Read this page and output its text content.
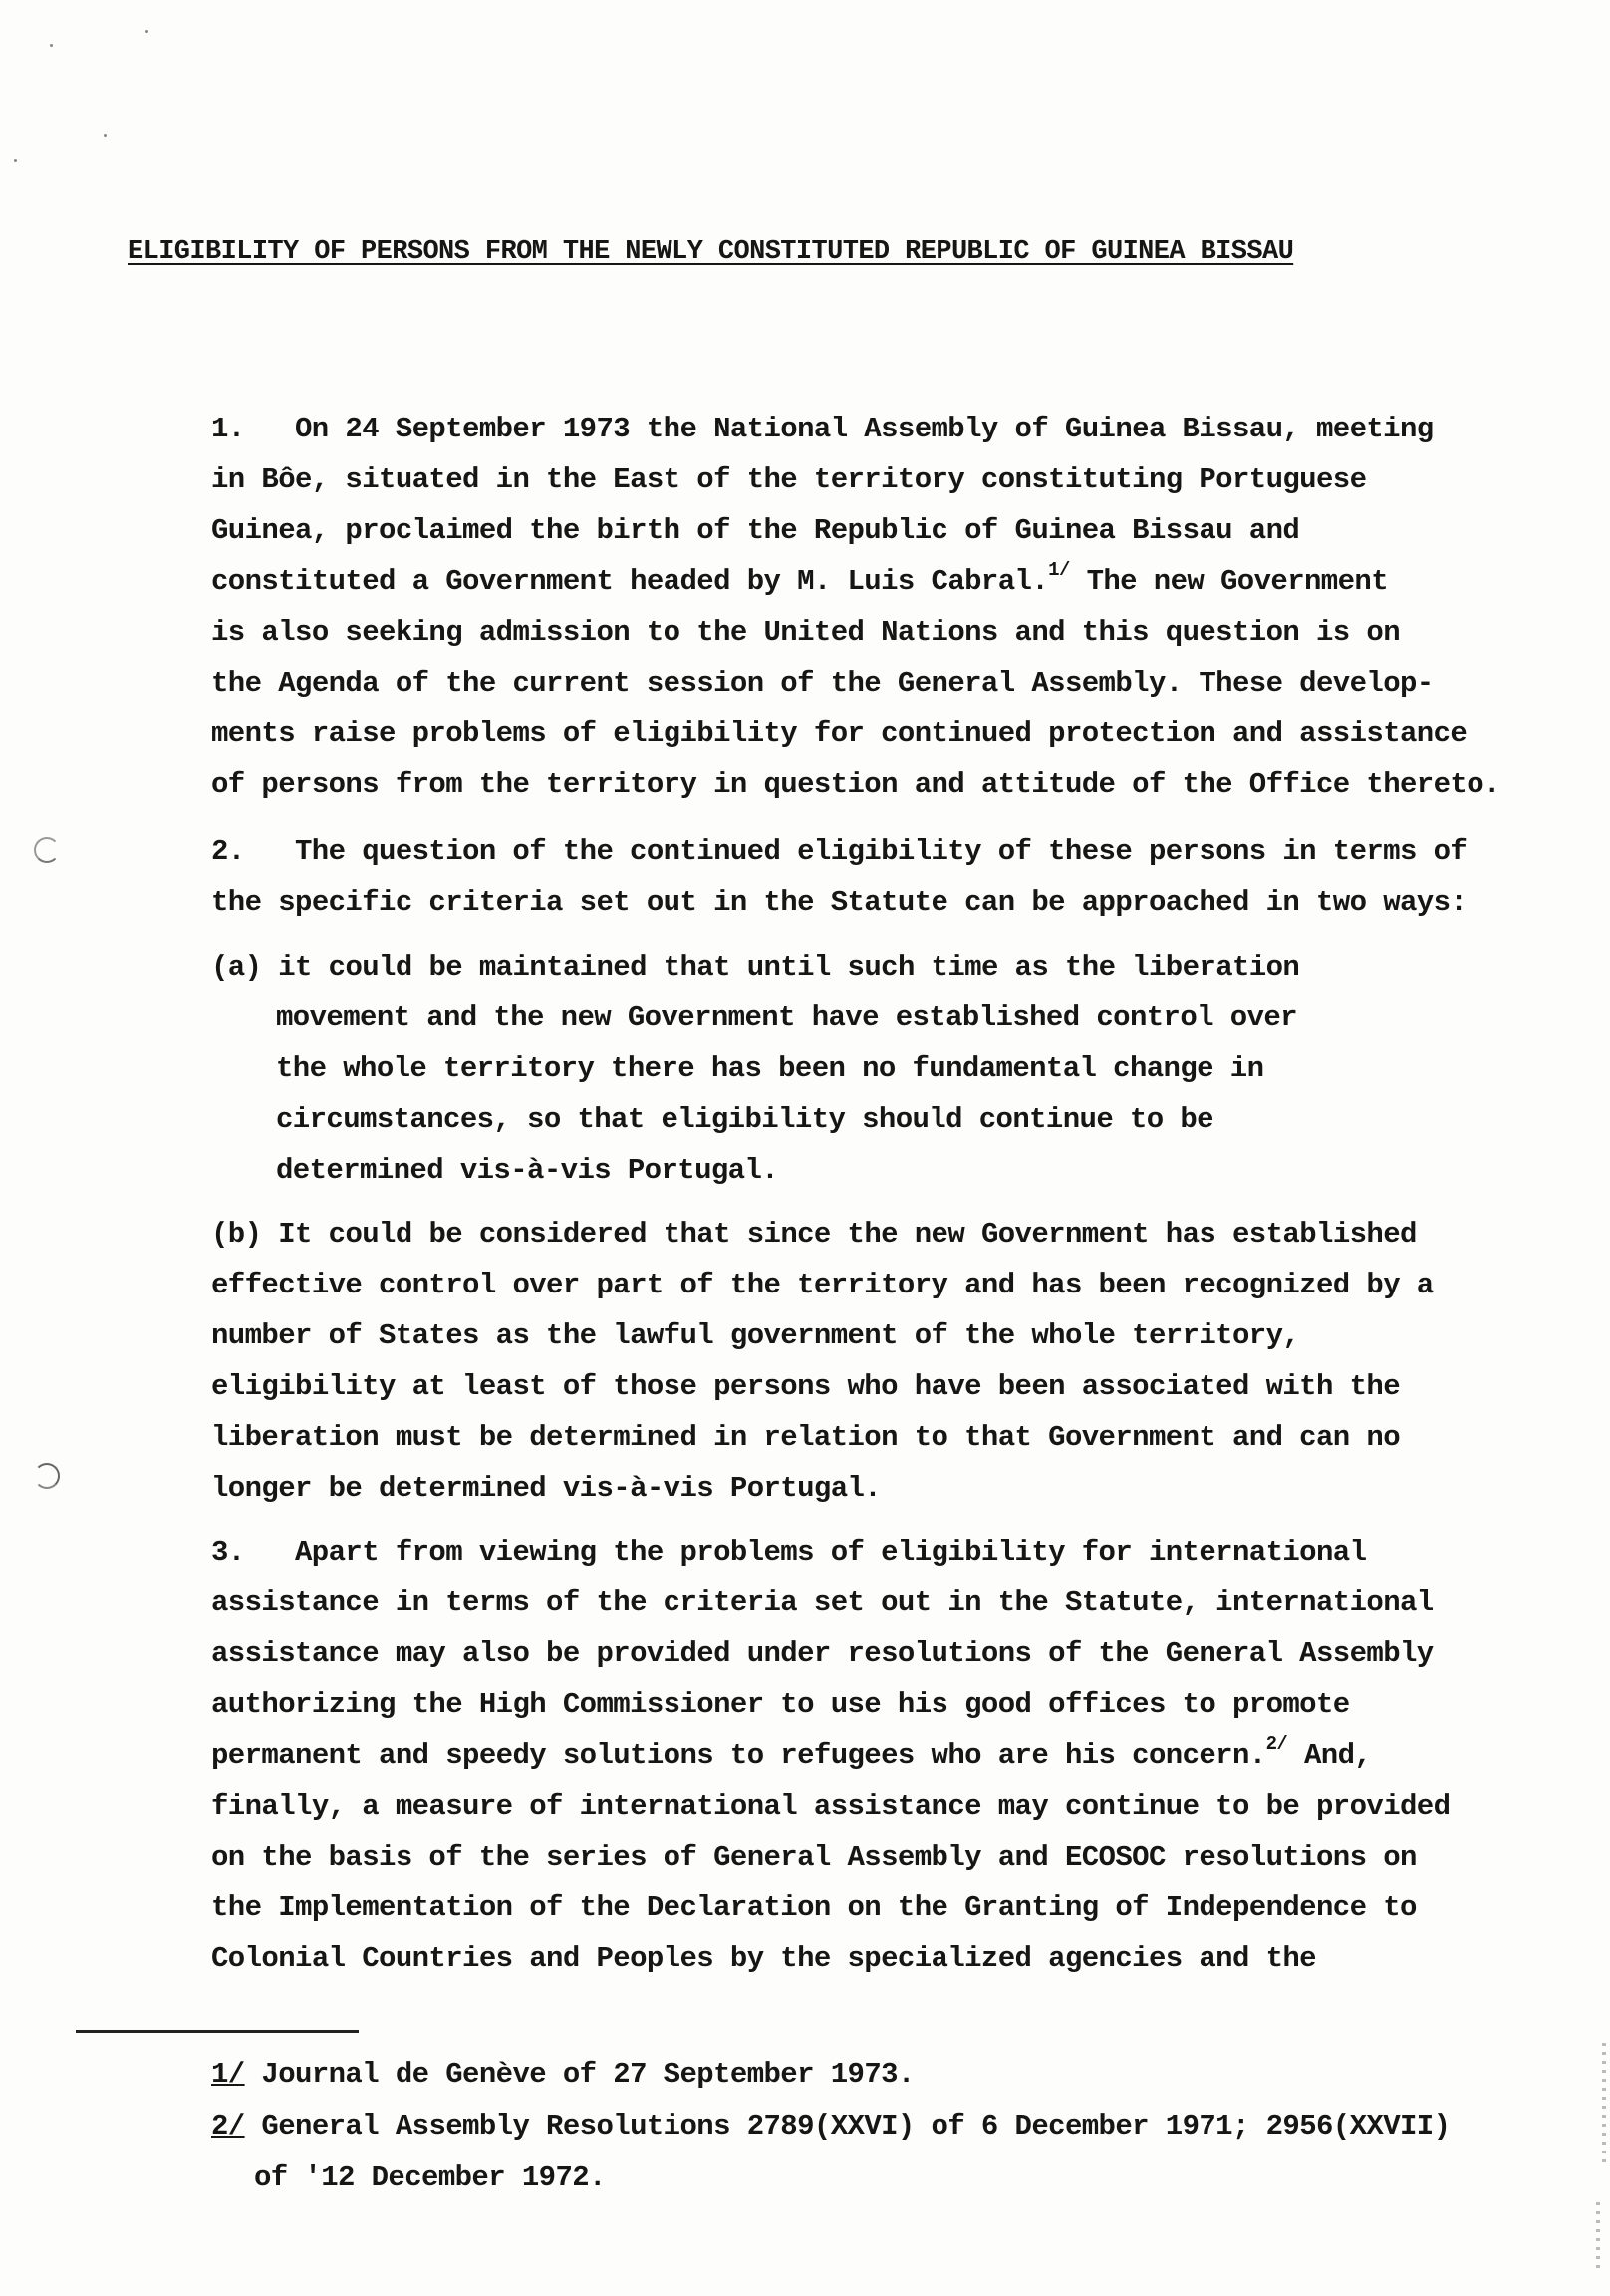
ELIGIBILITY OF PERSONS FROM THE NEWLY CONSTITUTED REPUBLIC OF GUINEA BISSAU
1. On 24 September 1973 the National Assembly of Guinea Bissau, meeting
in Bôe, situated in the East of the territory constituting Portuguese
Guinea, proclaimed the birth of the Republic of Guinea Bissau and
constituted a Government headed by M. Luis Cabral.$^{1/}$ The new Government
is also seeking admission to the United Nations and this question is on
the Agenda of the current session of the General Assembly. These develop-
ments raise problems of eligibility for continued protection and assistance
of persons from the territory in question and attitude of the Office thereto.
2. The question of the continued eligibility of these persons in terms of
the specific criteria set out in the Statute can be approached in two ways:
(a) it could be maintained that until such time as the liberation
movement and the new Government have established control over
the whole territory there has been no fundamental change in
circumstances, so that eligibility should continue to be
determined vis-à-vis Portugal.
(b) It could be considered that since the new Government has established
effective control over part of the territory and has been recognized by a
number of States as the lawful government of the whole territory,
eligibility at least of those persons who have been associated with the
liberation must be determined in relation to that Government and can no
longer be determined vis-à-vis Portugal.
3. Apart from viewing the problems of eligibility for international
assistance in terms of the criteria set out in the Statute, international
assistance may also be provided under resolutions of the General Assembly
authorizing the High Commissioner to use his good offices to promote
permanent and speedy solutions to refugees who are his concern.$^{2/}$ And,
finally, a measure of international assistance may continue to be provided
on the basis of the series of General Assembly and ECOSOC resolutions on
the Implementation of the Declaration on the Granting of Independence to
Colonial Countries and Peoples by the specialized agencies and the
1/ Journal de Genève of 27 September 1973.
2/ General Assembly Resolutions 2789(XXVI) of 6 December 1971; 2956(XXVII)
of '12 December 1972.
